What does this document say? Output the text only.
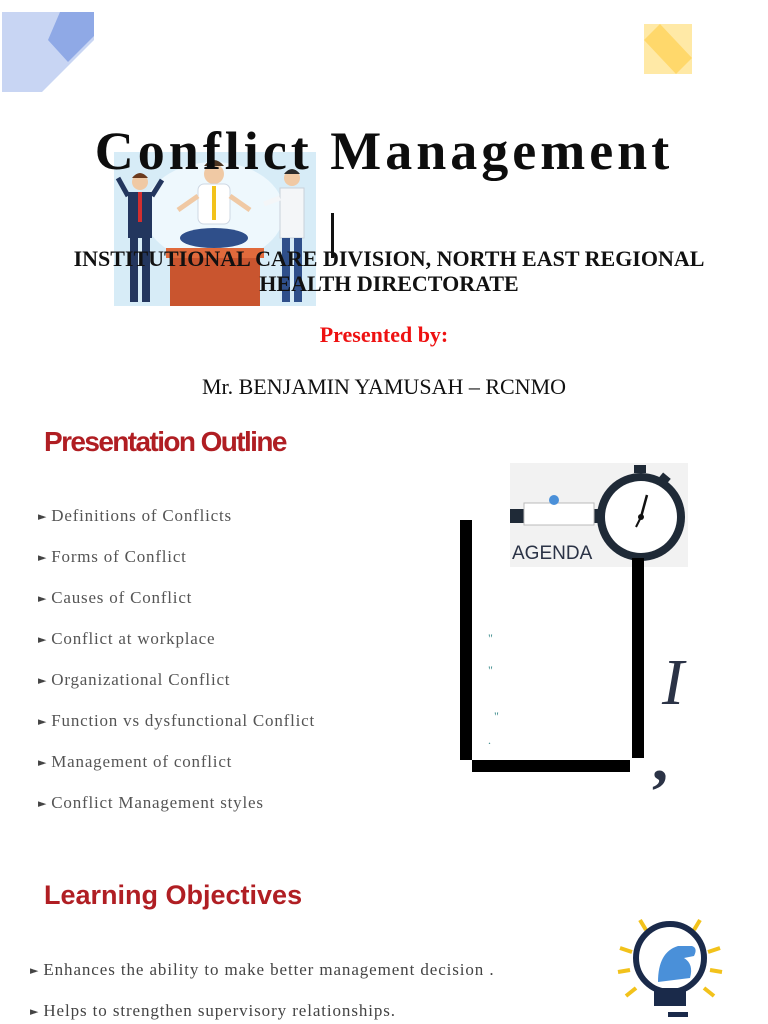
Conflict Management
INSTITUTIONAL CARE DIVISION, NORTH EAST REGIONAL HEALTH DIRECTORATE
Presented by:
Mr. BENJAMIN YAMUSAH – RCNMO
Presentation Outline
► Definitions of Conflicts
► Forms of Conflict
► Causes of Conflict
► Conflict at workplace
► Organizational Conflict
► Function vs dysfunctional Conflict
► Management of conflict
► Conflict Management styles
AGENDA
"
"
"
.
I
,
Learning Objectives
► Enhances the ability to make better management decision .
► Helps to strengthen supervisory relationships.
